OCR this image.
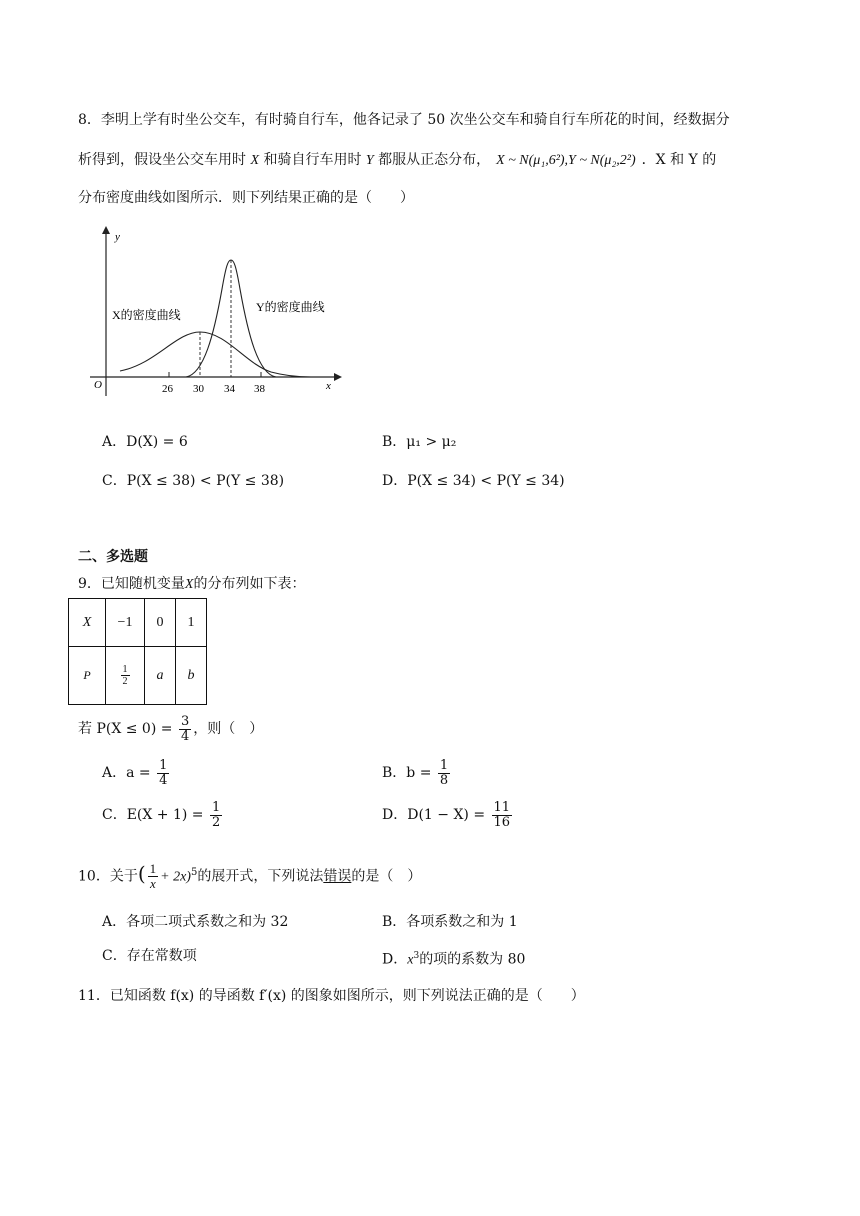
8．李明上学有时坐公交车，有时骑自行车，他各记录了 50 次坐公交车和骑自行车所花的时间，经数据分
析得到，假设坐公交车用时 X 和骑自行车用时 Y 都服从正态分布， X ~ N(μ₁,6²),Y ~ N(μ₂,2²) ．X 和 Y 的
分布密度曲线如图所示．则下列结果正确的是（　　）
y
x
O	26 30 34 38
X的密度曲线
Y的密度曲线
A．D(X) = 6	B．μ₁ > μ₂
C．P(X ≤ 38) < P(Y ≤ 38)	D．P(X ≤ 34) < P(Y ≤ 34)
二、多选题
9．已知随机变量X的分布列如下表：
X	−1	0	1
P	$\frac{1}{2}$	a	b
若 $P(X \le 0) = \frac{3}{4}$ ，则（　）
A．$a = \frac{1}{4}$	B．$b = \frac{1}{8}$
C．$E(X + 1) = \frac{1}{2}$	D．$D(1 - X) = \frac{11}{16}$
10．关于( $\frac{1}{x} + 2x)^5$的展开式，下列说法错误的是（　）
A．各项二项式系数之和为 32	B．各项系数之和为 1
C．存在常数项	D．$x^3$的项的系数为 80
11．已知函数 f(x) 的导函数 f′(x) 的图象如图所示，则下列说法正确的是（　　）
